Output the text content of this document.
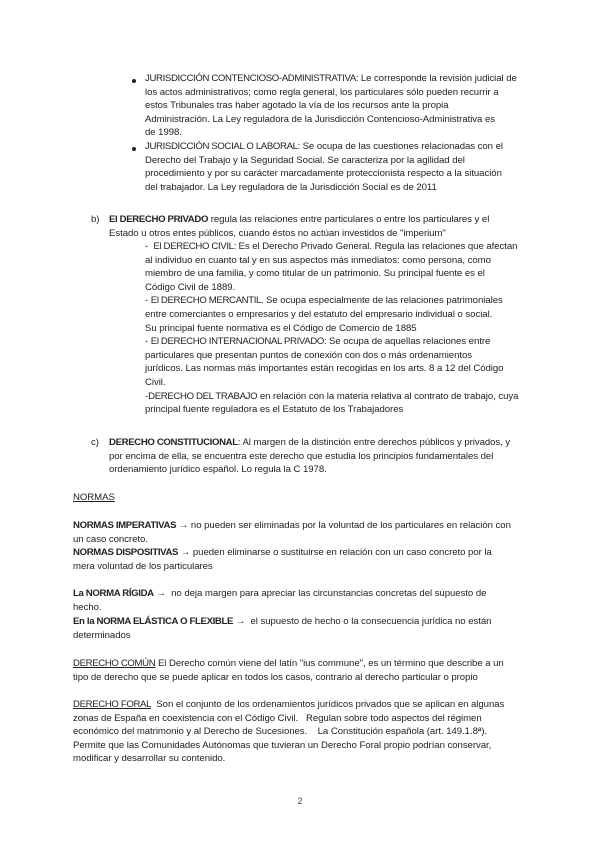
JURISDICCIÓN CONTENCIOSO-ADMINISTRATIVA: Le corresponde la revisión judicial de
los actos administrativos; como regla general, los particulares sólo pueden recurrir a
estos Tribunales tras haber agotado la vía de los recursos ante la propia
Administración. La Ley reguladora de la Jurisdicción Contencioso-Administrativa es
de 1998.
JURISDICCIÓN SOCIAL O LABORAL: Se ocupa de las cuestiones relacionadas con el
Derecho del Trabajo y la Seguridad Social. Se caracteriza por la agilidad del
procedimiento y por su carácter marcadamente proteccionista respecto a la situación
del trabajador. La Ley reguladora de la Jurisdicción Social es de 2011
b) El DERECHO PRIVADO regula las relaciones entre particulares o entre los particulares y el
Estado u otros entes públicos, cuando éstos no actúan investidos de "imperium"
-  El DERECHO CIVIL: Es el Derecho Privado General. Regula las relaciones que afectan
al individuo en cuanto tal y en sus aspectos más inmediatos: como persona, como
miembro de una familia, y como titular de un patrimonio. Su principal fuente es el
Código Civil de 1889.
- El DERECHO MERCANTIL. Se ocupa especialmente de las relaciones patrimoniales
entre comerciantes o empresarios y del estatuto del empresario individual o social.
Su principal fuente normativa es el Código de Comercio de 1885
- El DERECHO INTERNACIONAL PRIVADO: Se ocupa de aquellas relaciones entre
particulares que presentan puntos de conexión con dos o más ordenamientos
jurídicos. Las normas más importantes están recogidas en los arts. 8 a 12 del Código
Civil.
-DERECHO DEL TRABAJO en relación con la materia relativa al contrato de trabajo, cuya
principal fuente reguladora es el Estatuto de los Trabajadores
c) DERECHO CONSTITUCIONAL: Al margen de la distinción entre derechos públicos y privados, y
por encima de ella, se encuentra este derecho que estudia los principios fundamentales del
ordenamiento jurídico español. Lo regula la C 1978.
NORMAS
NORMAS IMPERATIVAS → no pueden ser eliminadas por la voluntad de los particulares en relación con
un caso concreto.
NORMAS DISPOSITIVAS → pueden eliminarse o sustituirse en relación con un caso concreto por la
mera voluntad de los particulares
La NORMA RÍGIDA →  no deja margen para apreciar las circunstancias concretas del supuesto de
hecho.
En la NORMA ELÁSTICA O FLEXIBLE →  el supuesto de hecho o la consecuencia jurídica no están
determinados
DERECHO COMÚN El Derecho común viene del latín "ius commune", es un término que describe a un
tipo de derecho que se puede aplicar en todos los casos, contrario al derecho particular o propio
DERECHO FORAL  Son el conjunto de los ordenamientos jurídicos privados que se aplican en algunas
zonas de España en coexistencia con el Código Civil.   Regulan sobre todo aspectos del régimen
económico del matrimonio y al Derecho de Sucesiones.    La Constitución española (art. 149.1.8ª).
Permite que las Comunidades Autónomas que tuvieran un Derecho Foral propio podrían conservar,
modificar y desarrollar su contenido.
2
